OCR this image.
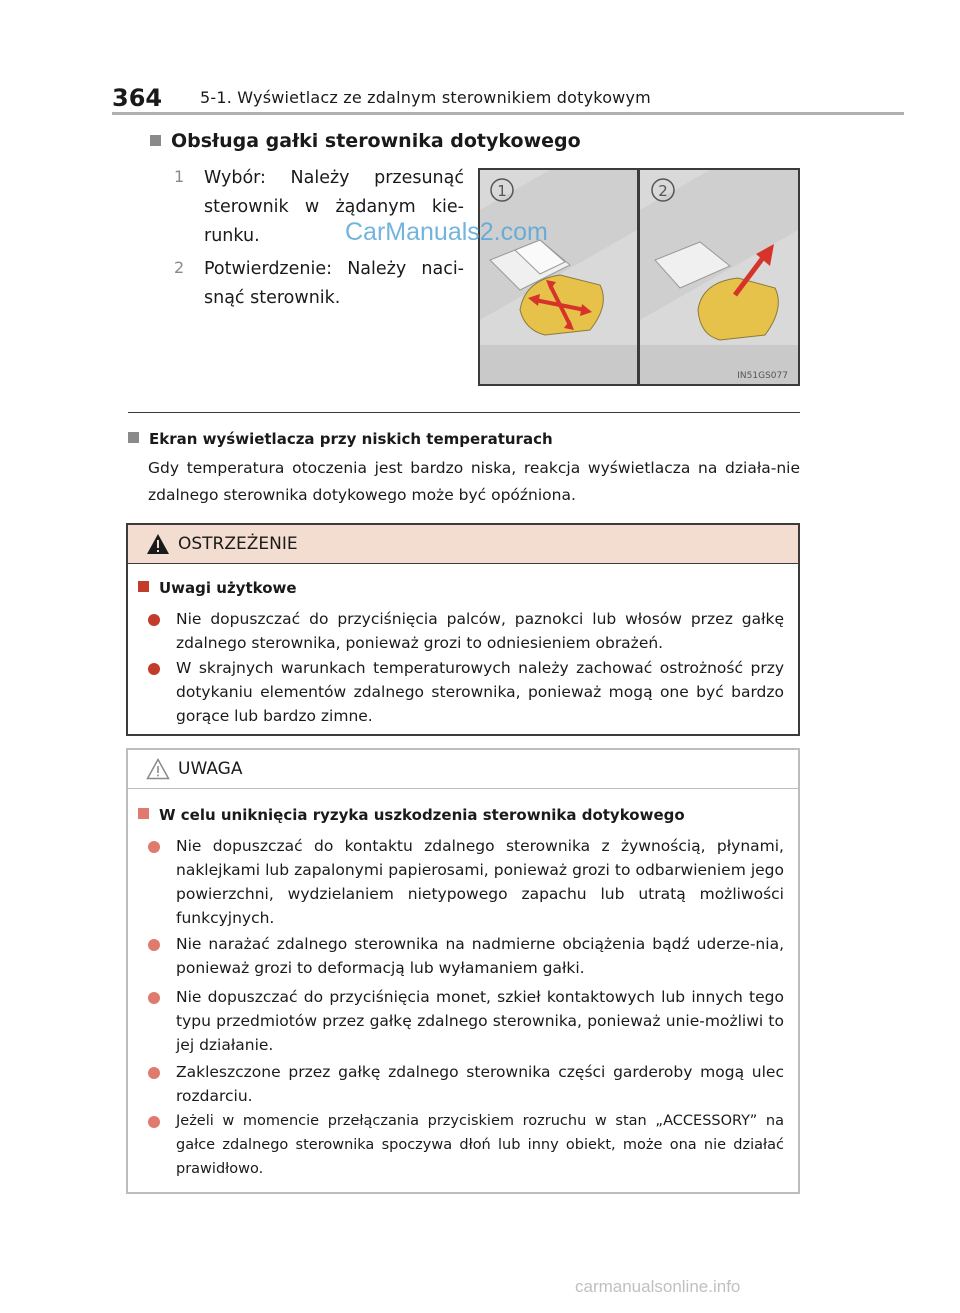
364 5-1. Wyświetlacz ze zdalnym sterownikiem dotykowym
Obsługa gałki sterownika dotykowego
1 Wybór: Należy przesunąć sterownik w żądanym kie-runku.
2 Potwierdzenie: Należy naci-snąć sterownik.
1	2
IN51GS077
CarManuals2.com
Ekran wyświetlacza przy niskich temperaturach
Gdy temperatura otoczenia jest bardzo niska, reakcja wyświetlacza na działa-nie zdalnego sterownika dotykowego może być opóźniona.
OSTRZEŻENIE
Uwagi użytkowe
Nie dopuszczać do przyciśnięcia palców, paznokci lub włosów przez gałkę zdalnego sterownika, ponieważ grozi to odniesieniem obrażeń.
W skrajnych warunkach temperaturowych należy zachować ostrożność przy dotykaniu elementów zdalnego sterownika, ponieważ mogą one być bardzo gorące lub bardzo zimne.
UWAGA
W celu uniknięcia ryzyka uszkodzenia sterownika dotykowego
Nie dopuszczać do kontaktu zdalnego sterownika z żywnością, płynami, naklejkami lub zapalonymi papierosami, ponieważ grozi to odbarwieniem jego powierzchni, wydzielaniem nietypowego zapachu lub utratą możliwości funkcyjnych.
Nie narażać zdalnego sterownika na nadmierne obciążenia bądź uderze-nia, ponieważ grozi to deformacją lub wyłamaniem gałki.
Nie dopuszczać do przyciśnięcia monet, szkieł kontaktowych lub innych tego typu przedmiotów przez gałkę zdalnego sterownika, ponieważ unie-możliwi to jej działanie.
Zakleszczone przez gałkę zdalnego sterownika części garderoby mogą ulec rozdarciu.
Jeżeli w momencie przełączania przyciskiem rozruchu w stan „ACCESSORY” na gałce zdalnego sterownika spoczywa dłoń lub inny obiekt, może ona nie działać prawidłowo.
carmanualsonline.info
